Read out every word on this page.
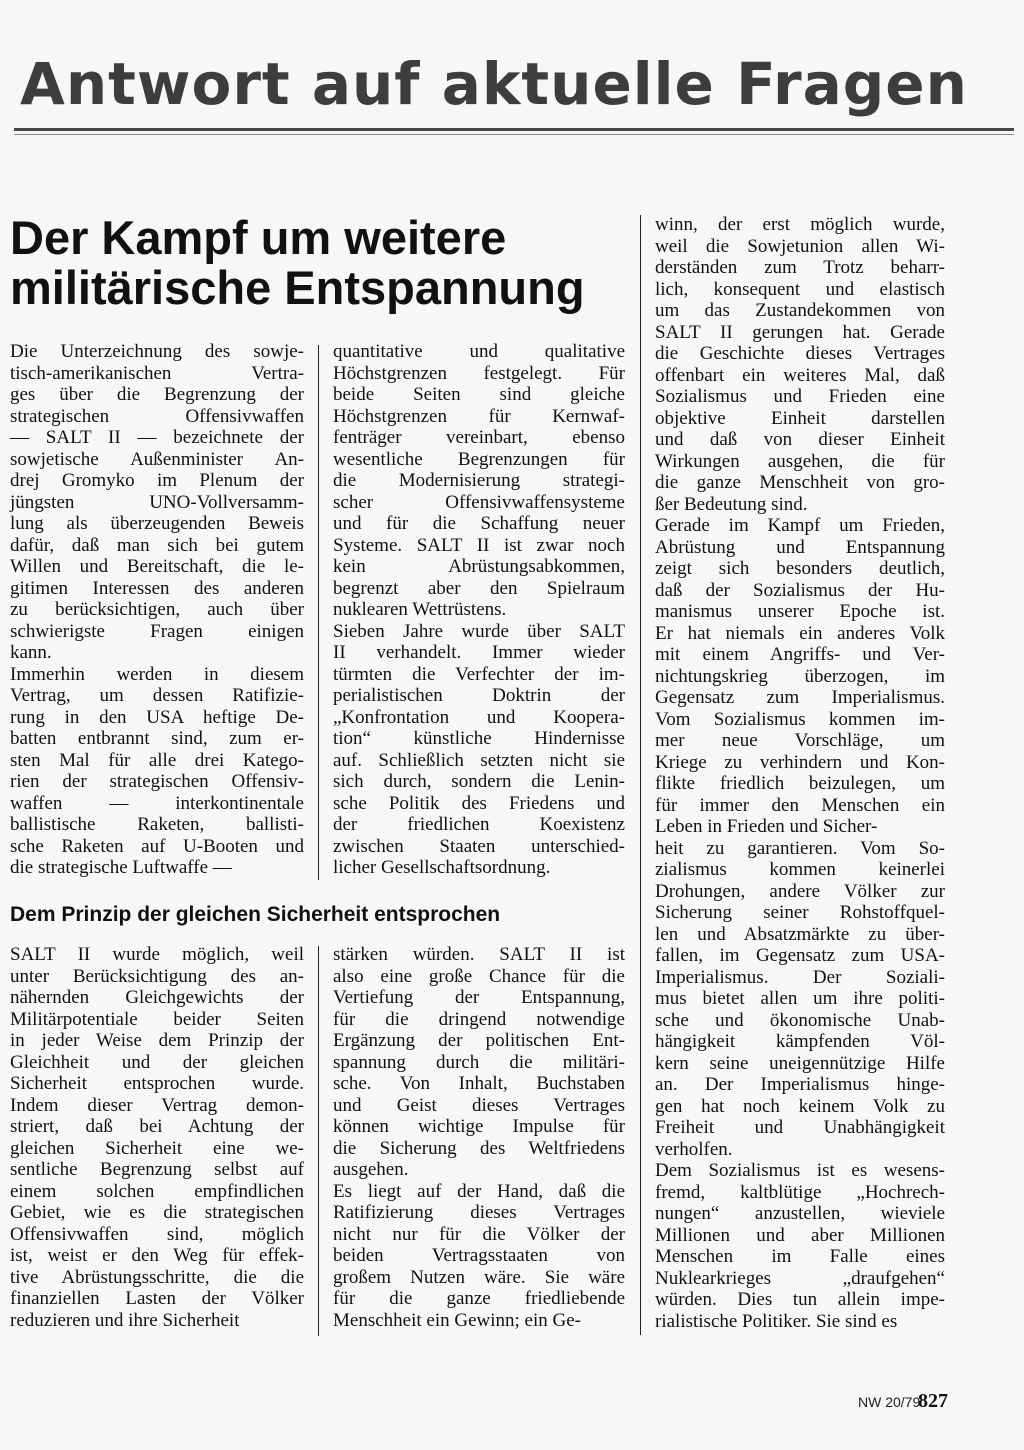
Antwort auf aktuelle Fragen
Der Kampf um weitere
militärische Entspannung

Die Unterzeichnung des sowje-

tisch-amerikanischen Vertra-

ges über die Begrenzung der

strategischen Offensivwaffen

— SALT II — bezeichnete der

sowjetische Außenminister An-

drej Gromyko im Plenum der

jüngsten UNO-Vollversamm-

lung als überzeugenden Beweis

dafür, daß man sich bei gutem

Willen und Bereitschaft, die le-

gitimen Interessen des anderen

zu berücksichtigen, auch über

schwierigste Fragen einigen

kann.

Immerhin werden in diesem

Vertrag, um dessen Ratifizie-

rung in den USA heftige De-

batten entbrannt sind, zum er-

sten Mal für alle drei Katego-

rien der strategischen Offensiv-

waffen — interkontinentale

ballistische Raketen, ballisti-

sche Raketen auf U-Booten und

die strategische Luftwaffe —

quantitative und qualitative

Höchstgrenzen festgelegt. Für

beide Seiten sind gleiche

Höchstgrenzen für Kernwaf-

fenträger vereinbart, ebenso

wesentliche Begrenzungen für

die Modernisierung strategi-

scher Offensivwaffensysteme

und für die Schaffung neuer

Systeme. SALT II ist zwar noch

kein Abrüstungsabkommen,

begrenzt aber den Spielraum

nuklearen Wettrüstens.

Sieben Jahre wurde über SALT

II verhandelt. Immer wieder

türmten die Verfechter der im-

perialistischen Doktrin der

„Konfrontation und Koopera-

tion“ künstliche Hindernisse

auf. Schließlich setzten nicht sie

sich durch, sondern die Lenin-

sche Politik des Friedens und

der friedlichen Koexistenz

zwischen Staaten unterschied-

licher Gesellschaftsordnung.

Dem Prinzip der gleichen Sicherheit entsprochen

SALT II wurde möglich, weil

unter Berücksichtigung des an-

nähernden Gleichgewichts der

Militärpotentiale beider Seiten

in jeder Weise dem Prinzip der

Gleichheit und der gleichen

Sicherheit entsprochen wurde.

Indem dieser Vertrag demon-

striert, daß bei Achtung der

gleichen Sicherheit eine we-

sentliche Begrenzung selbst auf

einem solchen empfindlichen

Gebiet, wie es die strategischen

Offensivwaffen sind, möglich

ist, weist er den Weg für effek-

tive Abrüstungsschritte, die die

finanziellen Lasten der Völker

reduzieren und ihre Sicherheit

stärken würden. SALT II ist

also eine große Chance für die

Vertiefung der Entspannung,

für die dringend notwendige

Ergänzung der politischen Ent-

spannung durch die militäri-

sche. Von Inhalt, Buchstaben

und Geist dieses Vertrages

können wichtige Impulse für

die Sicherung des Weltfriedens

ausgehen.

Es liegt auf der Hand, daß die

Ratifizierung dieses Vertrages

nicht nur für die Völker der

beiden Vertragsstaaten von

großem Nutzen wäre. Sie wäre

für die ganze friedliebende

Menschheit ein Gewinn; ein Ge-

winn, der erst möglich wurde,

weil die Sowjetunion allen Wi-

derständen zum Trotz beharr-

lich, konsequent und elastisch

um das Zustandekommen von

SALT II gerungen hat. Gerade

die Geschichte dieses Vertrages

offenbart ein weiteres Mal, daß

Sozialismus und Frieden eine

objektive Einheit darstellen

und daß von dieser Einheit

Wirkungen ausgehen, die für

die ganze Menschheit von gro-

ßer Bedeutung sind.

Gerade im Kampf um Frieden,

Abrüstung und Entspannung

zeigt sich besonders deutlich,

daß der Sozialismus der Hu-

manismus unserer Epoche ist.

Er hat niemals ein anderes Volk

mit einem Angriffs- und Ver-

nichtungskrieg überzogen, im

Gegensatz zum Imperialismus.

Vom Sozialismus kommen im-

mer neue Vorschläge, um

Kriege zu verhindern und Kon-

flikte friedlich beizulegen, um

für immer den Menschen ein

Leben in Frieden und Sicher-

heit zu garantieren. Vom So-

zialismus kommen keinerlei

Drohungen, andere Völker zur

Sicherung seiner Rohstoffquel-

len und Absatzmärkte zu über-

fallen, im Gegensatz zum USA-

Imperialismus. Der Soziali-

mus bietet allen um ihre politi-

sche und ökonomische Unab-

hängigkeit kämpfenden Völ-

kern seine uneigennützige Hilfe

an. Der Imperialismus hinge-

gen hat noch keinem Volk zu

Freiheit und Unabhängigkeit

verholfen.

Dem Sozialismus ist es wesens-

fremd, kaltblütige „Hochrech-

nungen“ anzustellen, wieviele

Millionen und aber Millionen

Menschen im Falle eines

Nuklearkrieges „draufgehen“

würden. Dies tun allein impe-

rialistische Politiker. Sie sind es

NW 20/79
827
